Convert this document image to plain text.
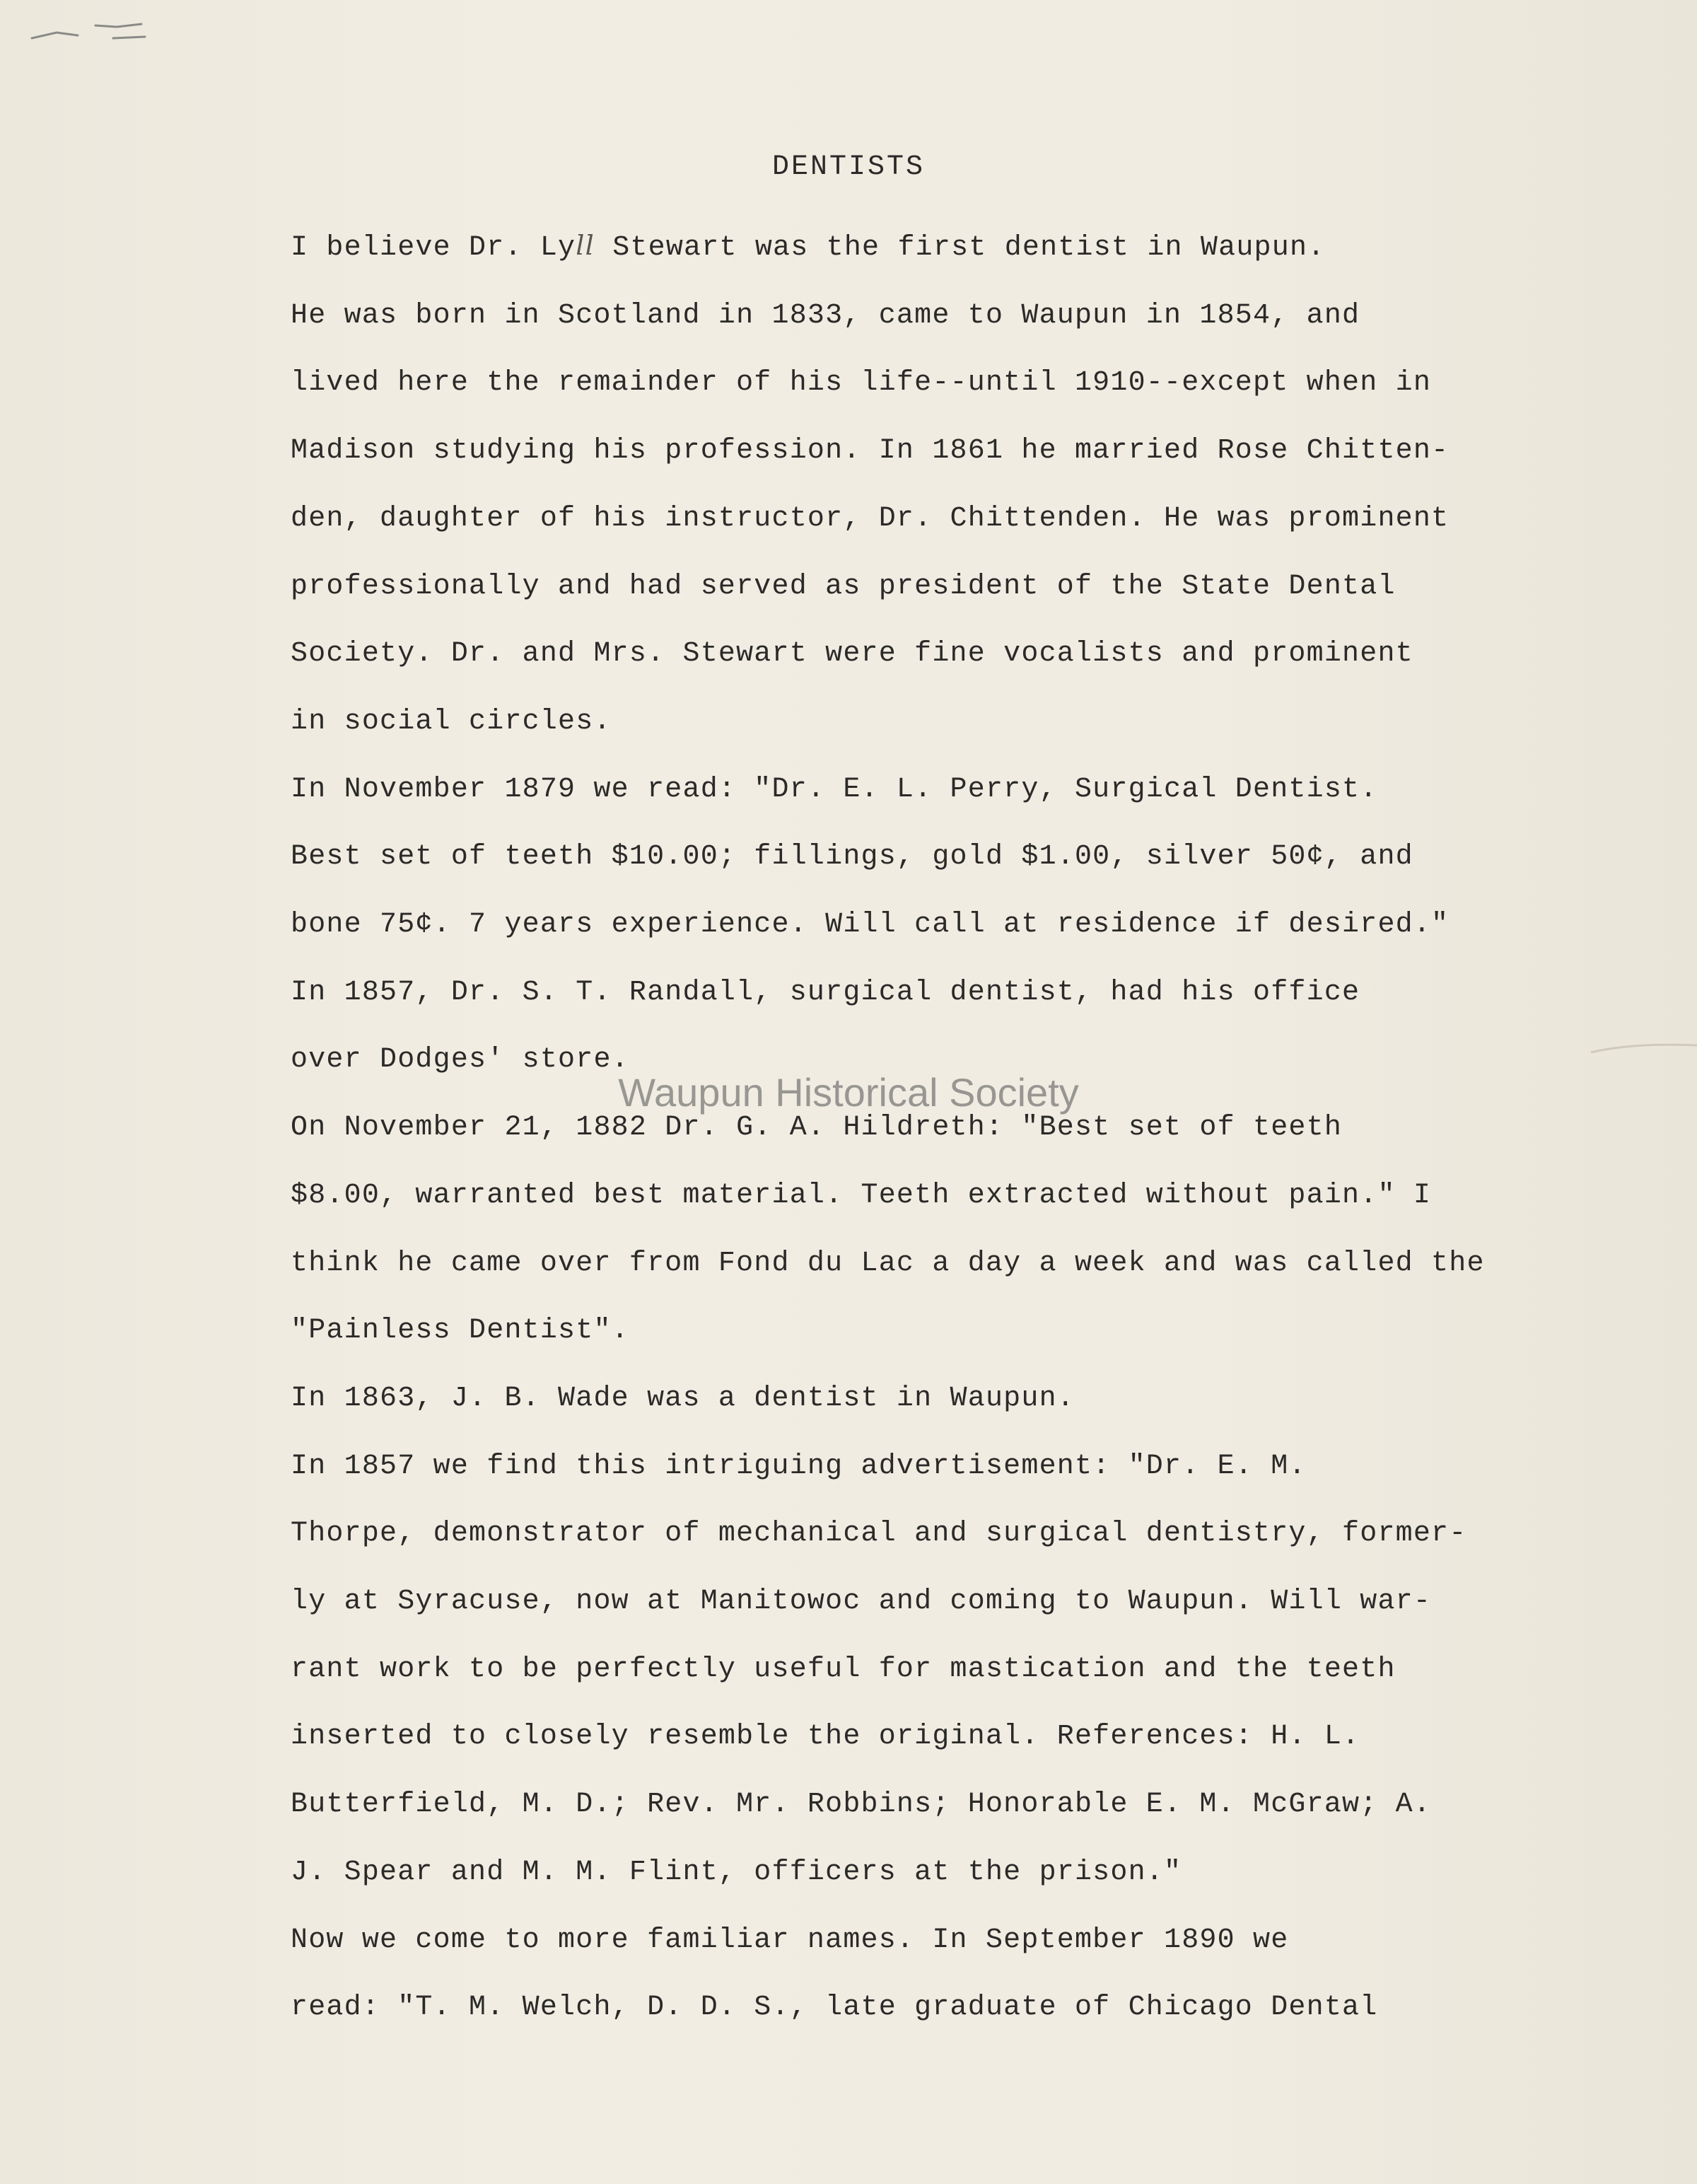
DENTISTS

I believe Dr. Lyll Stewart was the first dentist in Waupun.
He was born in Scotland in 1833, came to Waupun in 1854, and
lived here the remainder of his life--until 1910--except when in
Madison studying his profession. In 1861 he married Rose Chitten-
den, daughter of his instructor, Dr. Chittenden. He was prominent
professionally and had served as president of the State Dental
Society. Dr. and Mrs. Stewart were fine vocalists and prominent
in social circles.

In November 1879 we read: "Dr. E. L. Perry, Surgical Dentist.
Best set of teeth $10.00; fillings, gold $1.00, silver 50¢, and
bone 75¢. 7 years experience. Will call at residence if desired."

In 1857, Dr. S. T. Randall, surgical dentist, had his office
over Dodges' store.

On November 21, 1882 Dr. G. A. Hildreth: "Best set of teeth
$8.00, warranted best material. Teeth extracted without pain." I
think he came over from Fond du Lac a day a week and was called the
"Painless Dentist".

In 1863, J. B. Wade was a dentist in Waupun.

In 1857 we find this intriguing advertisement: "Dr. E. M.
Thorpe, demonstrator of mechanical and surgical dentistry, former-
ly at Syracuse, now at Manitowoc and coming to Waupun. Will war-
rant work to be perfectly useful for mastication and the teeth
inserted to closely resemble the original. References: H. L.
Butterfield, M. D.; Rev. Mr. Robbins; Honorable E. M. McGraw; A.
J. Spear and M. M. Flint, officers at the prison."

Now we come to more familiar names. In September 1890 we
read: "T. M. Welch, D. D. S., late graduate of Chicago Dental

Waupun Historical Society
